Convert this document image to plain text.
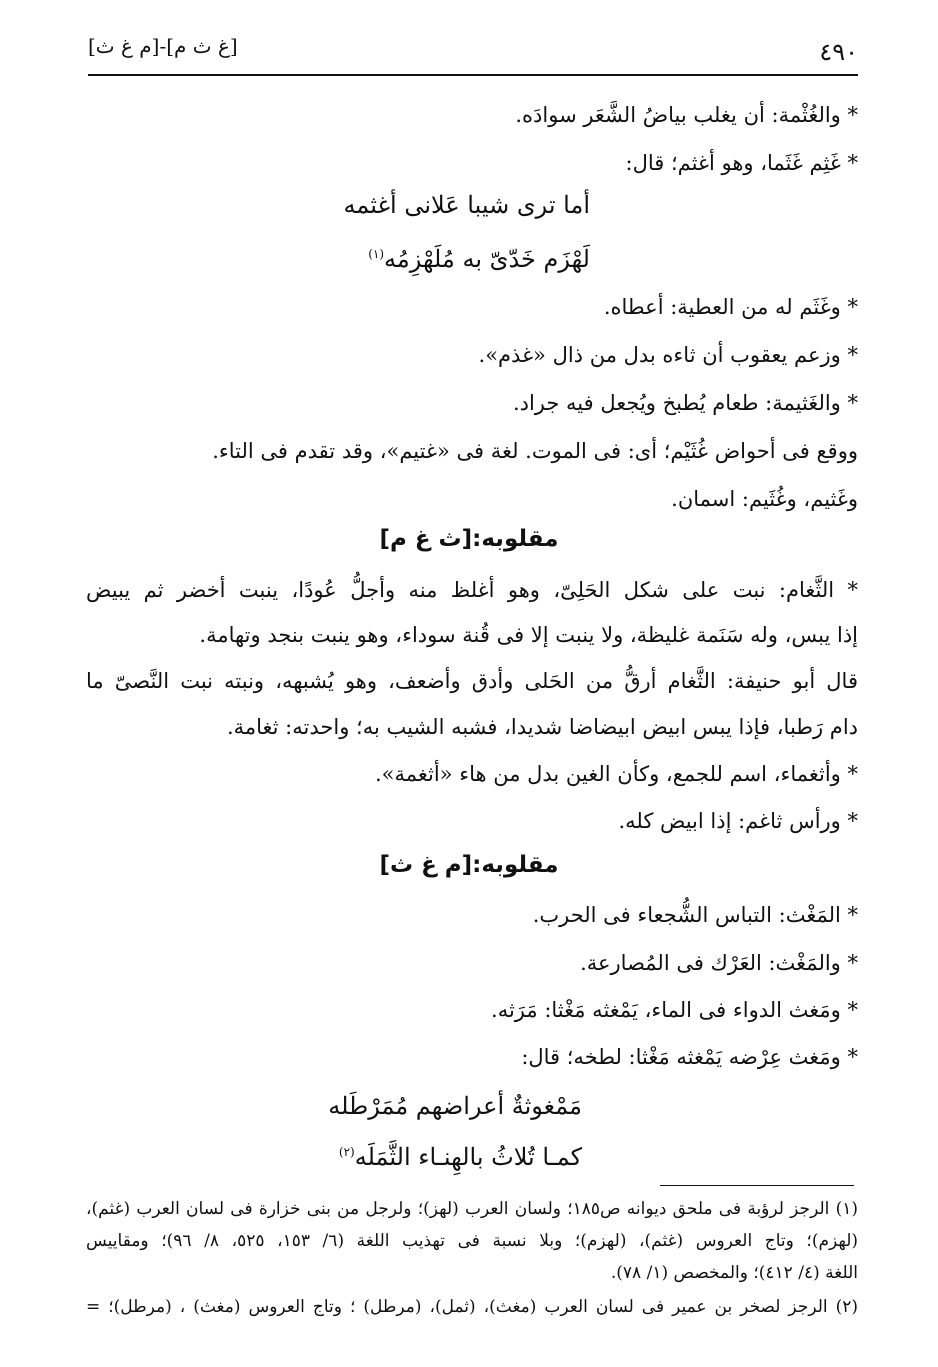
٤٩٠
[غ ث م]-[م غ ث]
* والغُثْمة: أن يغلب بياضُ الشَّعَر سوادَه.
* غَثِم غَثَما، وهو أغثم؛ قال:
أما ترى شيبا عَلانى أغثمه
لَهْزَم خَدّىّ به مُلَهْزِمُه$^{(١)}$
* وغَثَم له من العطية: أعطاه.
* وزعم يعقوب أن ثاءه بدل من ذال «غذم».
* والغَثيمة: طعام يُطبخ ويُجعل فيه جراد.
ووقع فى أحواض غُثَيْم؛ أى: فى الموت. لغة فى «غتيم»، وقد تقدم فى التاء.
وغَثيم، وغُثَيم: اسمان.
مقلوبه:[ث غ م]
* الثَّغام: نبت على شكل الحَلِىّ، وهو أغلظ منه وأجلُّ عُودًا، ينبت أخضر ثم يبيض
إذا يبس، وله سَنَمة غليظة، ولا ينبت إلا فى قُنة سوداء، وهو ينبت بنجد وتهامة.
قال أبو حنيفة: الثَّغام أرقُّ من الحَلى وأدق وأضعف، وهو يُشبهه، ونبته نبت النَّصىّ ما
دام رَطبا، فإذا يبس ابيض ابيضاضا شديدا، فشبه الشيب به؛ واحدته: ثغامة.
* وأثغماء، اسم للجمع، وكأن الغين بدل من هاء «أثغمة».
* ورأس ثاغم: إذا ابيض كله.
مقلوبه:[م غ ث]
* المَغْث: التباس الشُّجعاء فى الحرب.
* والمَغْث: العَرْك فى المُصارعة.
* ومَغث الدواء فى الماء، يَمْغثه مَغْثا: مَرَثه.
* ومَغث عِرْضه يَمْغثه مَغْثا: لطخه؛ قال:
مَمْغوثةٌ أعراضهم مُمَرْطَله
كمـا تُلاثُ بالهِنـاء الثَّمَلَه$^{(٢)}$
(١) الرجز لرؤبة فى ملحق ديوانه ص١٨٥؛ ولسان العرب (لهز)؛ ولرجل من بنى خزارة فى لسان العرب (غثم)،
(لهزم)؛ وتاج العروس (غثم)، (لهزم)؛ وبلا نسبة فى تهذيب اللغة (٦/ ١٥٣، ٥٢٥، ٨/ ٩٦)؛ ومقاييس
اللغة (٤/ ٤١٢)؛ والمخصص (١/ ٧٨).
(٢) الرجز لصخر بن عمير فى لسان العرب (مغث)، (ثمل)، (مرطل) ؛ وتاج العروس (مغث) ، (مرطل)؛ =
